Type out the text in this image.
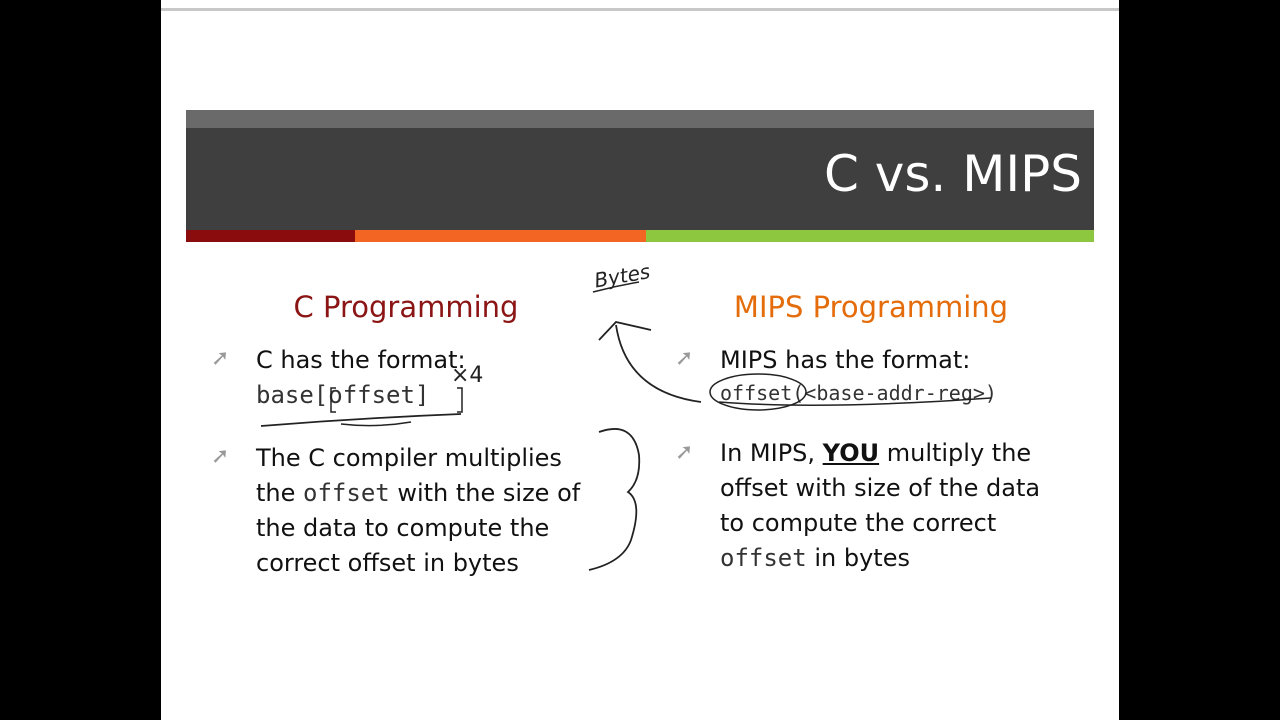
C vs. MIPS
C Programming
➚ C has the format:
base[offset]
➚ The C compiler multiplies
the offset with the size of
the data to compute the
correct offset in bytes
MIPS Programming
➚ MIPS has the format:
offset(<base-addr-reg>)
➚ In MIPS, YOU multiply the
offset with size of the data
to compute the correct
offset in bytes
Bytes
×4
